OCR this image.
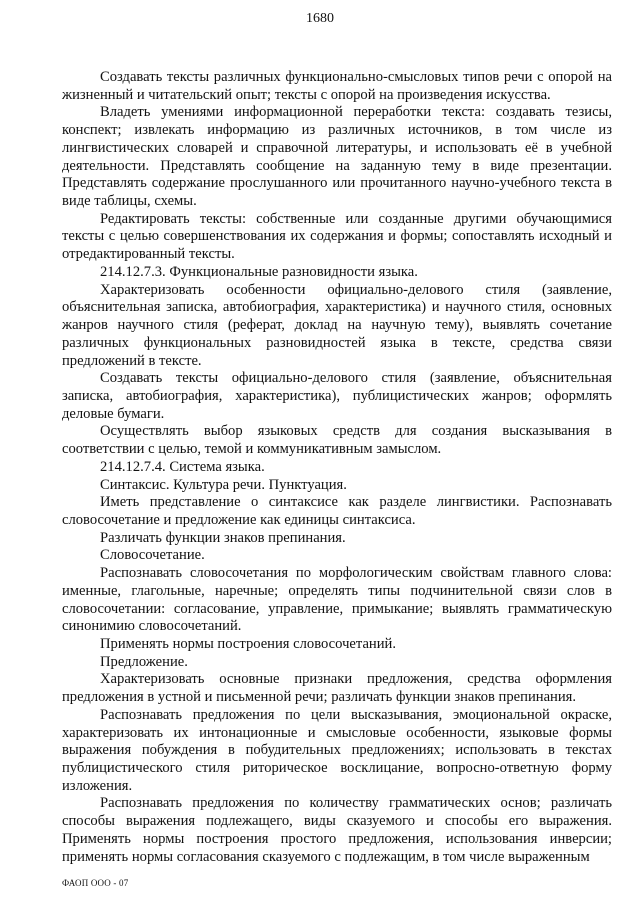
1680

Создавать тексты различных функционально-смысловых типов речи с опорой на жизненный и читательский опыт; тексты с опорой на произведения искусства.

Владеть умениями информационной переработки текста: создавать тезисы, конспект; извлекать информацию из различных источников, в том числе из лингвистических словарей и справочной литературы, и использовать её в учебной деятельности. Представлять сообщение на заданную тему в виде презентации. Представлять содержание прослушанного или прочитанного научно-учебного текста в виде таблицы, схемы.

Редактировать тексты: собственные или созданные другими обучающимися тексты с целью совершенствования их содержания и формы; сопоставлять исходный и отредактированный тексты.

214.12.7.3. Функциональные разновидности языка.

Характеризовать особенности официально-делового стиля (заявление, объяснительная записка, автобиография, характеристика) и научного стиля, основных жанров научного стиля (реферат, доклад на научную тему), выявлять сочетание различных функциональных разновидностей языка в тексте, средства связи предложений в тексте.

Создавать тексты официально-делового стиля (заявление, объяснительная записка, автобиография, характеристика), публицистических жанров; оформлять деловые бумаги.

Осуществлять выбор языковых средств для создания высказывания в соответствии с целью, темой и коммуникативным замыслом.

214.12.7.4. Система языка.

Синтаксис. Культура речи. Пунктуация.

Иметь представление о синтаксисе как разделе лингвистики. Распознавать словосочетание и предложение как единицы синтаксиса.

Различать функции знаков препинания.

Словосочетание.

Распознавать словосочетания по морфологическим свойствам главного слова: именные, глагольные, наречные; определять типы подчинительной связи слов в словосочетании: согласование, управление, примыкание; выявлять грамматическую синонимию словосочетаний.

Применять нормы построения словосочетаний.

Предложение.

Характеризовать основные признаки предложения, средства оформления предложения в устной и письменной речи; различать функции знаков препинания.

Распознавать предложения по цели высказывания, эмоциональной окраске, характеризовать их интонационные и смысловые особенности, языковые формы выражения побуждения в побудительных предложениях; использовать в текстах публицистического стиля риторическое восклицание, вопросно-ответную форму изложения.

Распознавать предложения по количеству грамматических основ; различать способы выражения подлежащего, виды сказуемого и способы его выражения. Применять нормы построения простого предложения, использования инверсии; применять нормы согласования сказуемого с подлежащим, в том числе выраженным

ФАОП ООО - 07
